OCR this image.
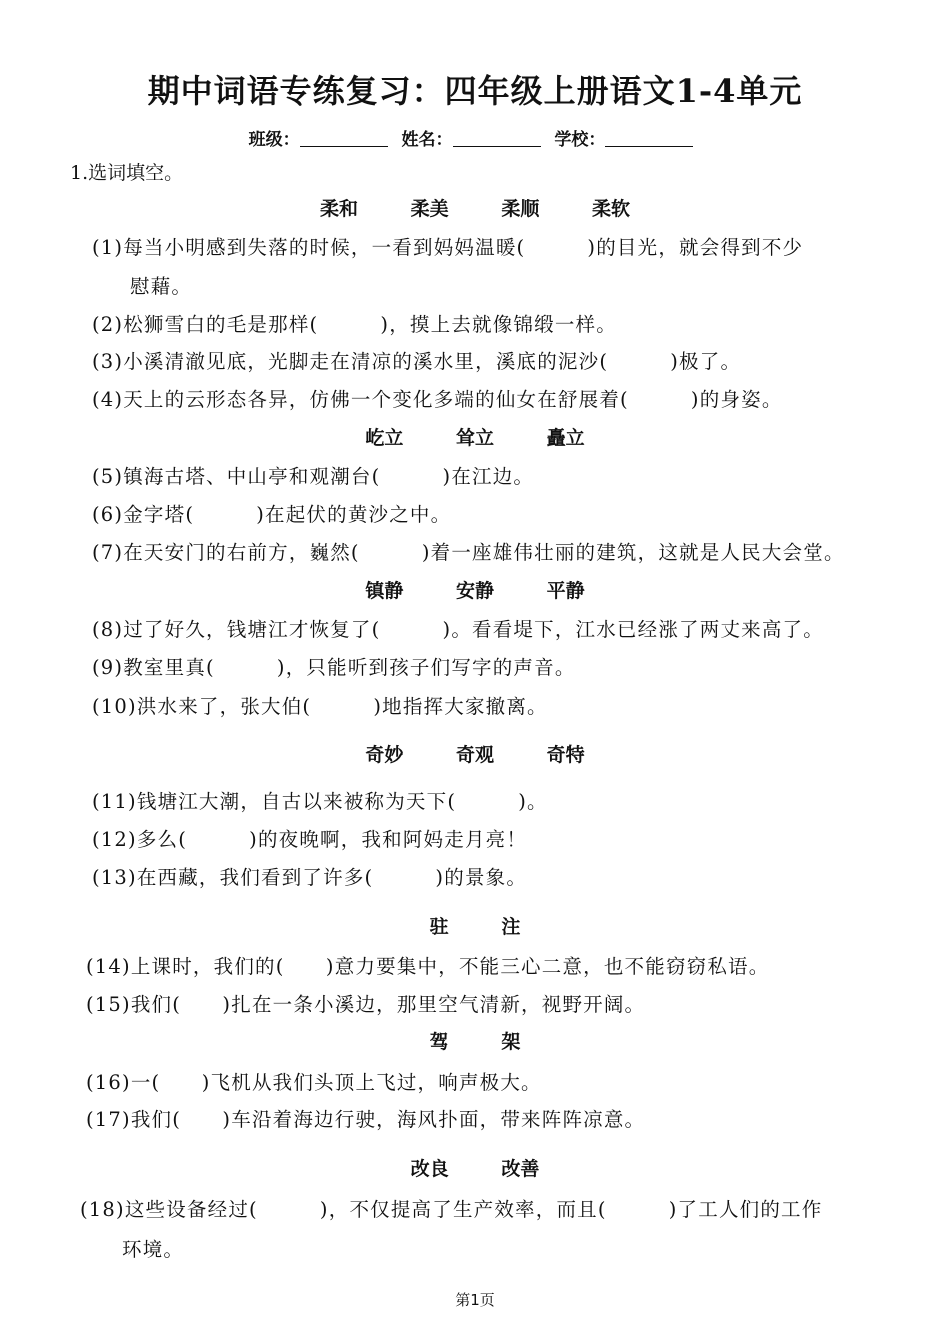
期中词语专练复习：四年级上册语文1-4单元
班级：	姓名：	学校：
1.选词填空。
柔和	柔美	柔顺	柔软
(1)每当小明感到失落的时候，一看到妈妈温暖(　　　)的目光，就会得到不少
慰藉。
(2)松狮雪白的毛是那样(　　　)，摸上去就像锦缎一样。
(3)小溪清澈见底，光脚走在清凉的溪水里，溪底的泥沙(　　　)极了。
(4)天上的云形态各异，仿佛一个变化多端的仙女在舒展着(　　　)的身姿。
屹立	耸立	矗立
(5)镇海古塔、中山亭和观潮台(　　　)在江边。
(6)金字塔(　　　)在起伏的黄沙之中。
(7)在天安门的右前方，巍然(　　　)着一座雄伟壮丽的建筑，这就是人民大会堂。
镇静	安静	平静
(8)过了好久，钱塘江才恢复了(　　　)。看看堤下，江水已经涨了两丈来高了。
(9)教室里真(　　　)，只能听到孩子们写字的声音。
(10)洪水来了，张大伯(　　　)地指挥大家撤离。
奇妙	奇观	奇特
(11)钱塘江大潮，自古以来被称为天下(　　　)。
(12)多么(　　　)的夜晚啊，我和阿妈走月亮！
(13)在西藏，我们看到了许多(　　　)的景象。
驻	注
(14)上课时，我们的(　　)意力要集中，不能三心二意，也不能窃窃私语。
(15)我们(　　)扎在一条小溪边，那里空气清新，视野开阔。
驾	架
(16)一(　　)飞机从我们头顶上飞过，响声极大。
(17)我们(　　)车沿着海边行驶，海风扑面，带来阵阵凉意。
改良	改善
(18)这些设备经过(　　　)，不仅提高了生产效率，而且(　　　)了工人们的工作
环境。
第1页
